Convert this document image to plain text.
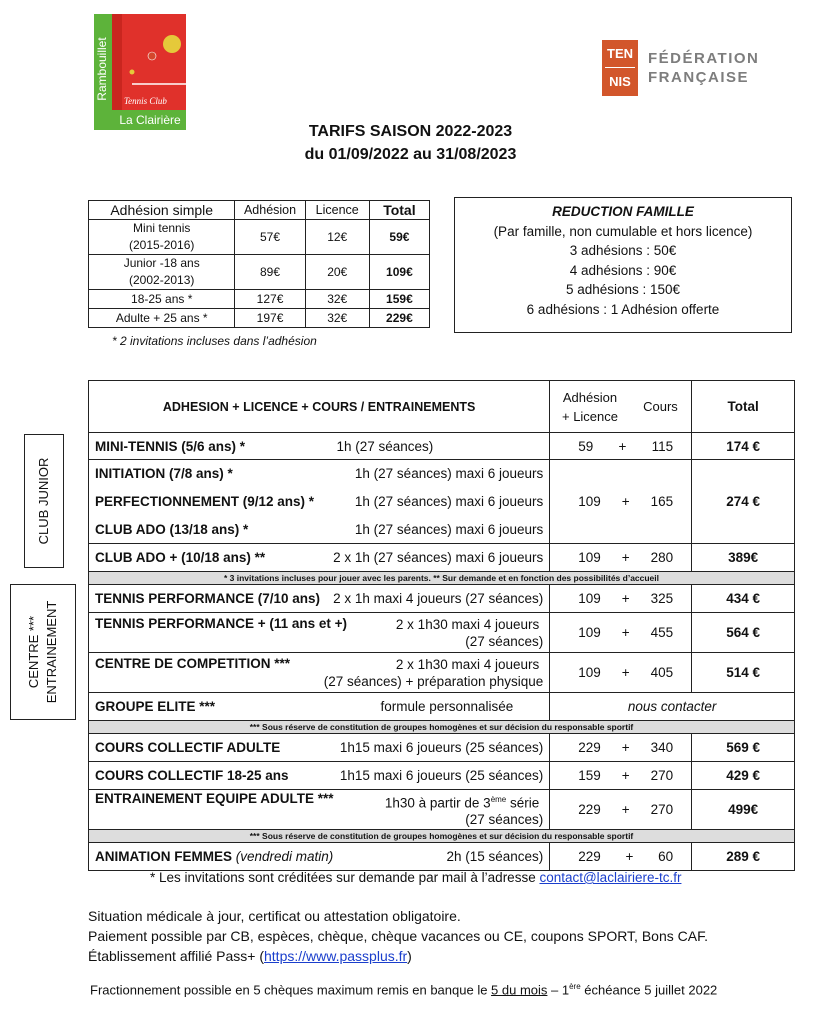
Rambouillet
Tennis Club
La Clairière
TEN
NIS
FÉDÉRATION
FRANÇAISE
TARIFS SAISON 2022-2023
du 01/09/2022 au 31/08/2023
Adhésion simple	Adhésion	Licence	Total

Mini tennis
(2015-2016)	57€	12€	59€

Junior -18 ans
(2002-2013)	89€	20€	109€
18-25 ans *	127€	32€	159€
Adulte + 25 ans *	197€	32€	229€
* 2 invitations incluses dans l’adhésion
REDUCTION FAMILLE
(Par famille, non cumulable et hors licence)
3 adhésions : 50€
4 adhésions : 90€
5 adhésions : 150€
6 adhésions : 1 Adhésion offerte
CLUB JUNIOR
CENTRE *** ENTRAINEMENT
ADHESION + LICENCE + COURS / ENTRAINEMENTS	Adhésion
+ Licence	Cours	Total

MINI-TENNIS (5/6 ans) * 1h (27 séances)	59 + 115		174 €

INITIATION (7/8 ans) * 1h (27 séances) maxi 6 joueurs	109 + 165		274 €

PERFECTIONNEMENT (9/12 ans) * 1h (27 séances) maxi 6 joueurs			

CLUB ADO (13/18 ans) * 1h (27 séances) maxi 6 joueurs			

CLUB ADO + (10/18 ans) ** 2 x 1h (27 séances) maxi 6 joueurs	109 + 280		389€
* 3 invitations incluses pour jouer avec les parents. ** Sur demande et en fonction des possibilités d’accueil			

TENNIS PERFORMANCE (7/10 ans) 2 x 1h maxi 4 joueurs (27 séances)	109 + 325		434 €

TENNIS PERFORMANCE + (11 ans et +) 2 x 1h30 maxi 4 joueurs
(27 séances)	109 + 455		564 €

CENTRE DE COMPETITION *** 2 x 1h30 maxi 4 joueurs
(27 séances) + préparation physique	109 + 405		514 €

GROUPE ELITE *** formule personnalisée	nous contacter		
*** Sous réserve de constitution de groupes homogènes et sur décision du responsable sportif			

COURS COLLECTIF ADULTE 1h15 maxi 6 joueurs (25 séances)	229 + 340		569 €

COURS COLLECTIF 18-25 ans 1h15 maxi 6 joueurs (25 séances)	159 + 270		429 €

ENTRAINEMENT EQUIPE ADULTE *** 1h30 à partir de 3ème série
(27 séances)	229 + 270		499€
*** Sous réserve de constitution de groupes homogènes et sur décision du responsable sportif			

ANIMATION FEMMES (vendredi matin) 2h (15 séances)	229 + 60		289 €
* Les invitations sont créditées sur demande par mail à l’adresse contact@laclairiere-tc.fr
Situation médicale à jour, certificat ou attestation obligatoire.
Paiement possible par CB, espèces, chèque, chèque vacances ou CE, coupons SPORT, Bons CAF.
Établissement affilié Pass+ (https://www.passplus.fr)
Fractionnement possible en 5 chèques maximum remis en banque le 5 du mois – 1ère échéance 5 juillet 2022
